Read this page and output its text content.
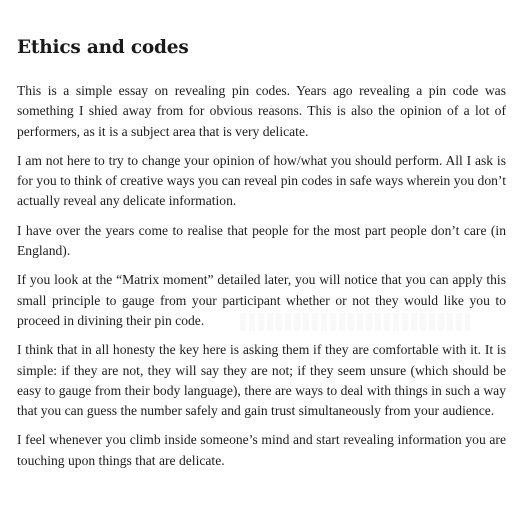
Ethics and codes

This is a simple essay on revealing pin codes. Years ago revealing a pin code was something I shied away from for obvious reasons. This is also the opinion of a lot of performers, as it is a subject area that is very delicate.

I am not here to try to change your opinion of how/what you should perform. All I ask is for you to think of creative ways you can reveal pin codes in safe ways wherein you don’t actually reveal any delicate information.

I have over the years come to realise that people for the most part people don’t care (in England).

If you look at the “Matrix moment” detailed later, you will notice that you can apply this small principle to gauge from your participant whether or not they would like you to proceed in divining their pin code.

I think that in all honesty the key here is asking them if they are comfortable with it. It is simple: if they are not, they will say they are not; if they seem unsure (which should be easy to gauge from their body language), there are ways to deal with things in such a way that you can guess the number safely and gain trust simultaneously from your audience.

I feel whenever you climb inside someone’s mind and start revealing information you are touching upon things that are delicate.
